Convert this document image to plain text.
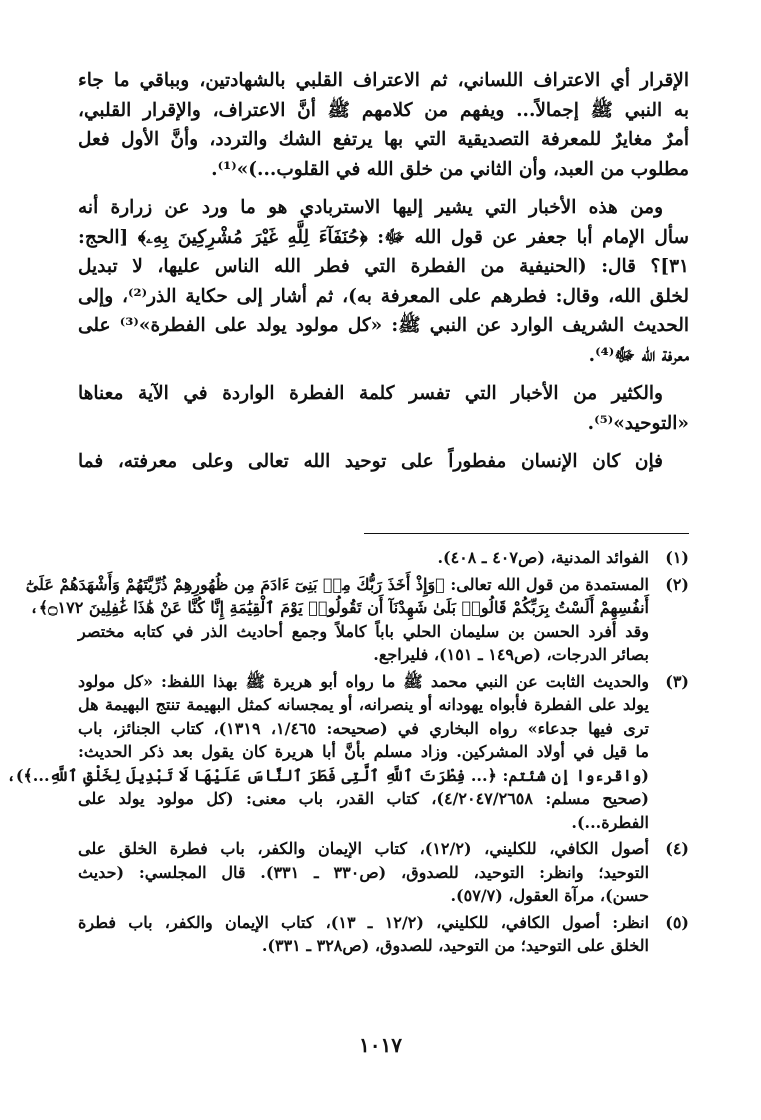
الإقرار أي الاعتراف اللساني، ثم الاعتراف القلبي بالشهادتين، وبباقي ما جاء
به النبي ﷺ إجمالاً... ويفهم من كلامهم ﷺ أنَّ الاعتراف، والإقرار القلبي،
أمرٌ مغايرٌ للمعرفة التصديقية التي بها يرتفع الشك والتردد، وأنَّ الأول فعل
مطلوب من العبد، وأن الثاني من خلق الله في القلوب...)»⁽¹⁾.
ومن هذه الأخبار التي يشير إليها الاستربادي هو ما ورد عن زرارة أنه
سأل الإمام أبا جعفر عن قول الله ﷻ: ﴿حُنَفَآءَ لِلَّهِ غَيْرَ مُشْرِكِينَ بِهِۦ﴾ [الحج:
٣١]؟ قال: (الحنيفية من الفطرة التي فطر الله الناس عليها، لا تبديل
لخلق الله، وقال: فطرهم على المعرفة به)، ثم أشار إلى حكاية الذر⁽²⁾، وإلى
الحديث الشريف الوارد عن النبي ﷺ: «كل مولود يولد على الفطرة»⁽³⁾ على
معرفة الله ﷻ⁽⁴⁾.
والكثير من الأخبار التي تفسر كلمة الفطرة الواردة في الآية معناها
«التوحيد»⁽⁵⁾.
فإن كان الإنسان مفطوراً على توحيد الله تعالى وعلى معرفته، فما
(١)
الفوائد المدنية، (ص٤٠٧ ـ ٤٠٨).
(٢)
المستمدة من قول الله تعالى: ﴿وَإِذْ أَخَذَ رَبُّكَ مِنۢ بَنِىٓ ءَادَمَ مِن ظُهُورِهِمْ ذُرِّيَّتَهُمْ وَأَشْهَدَهُمْ عَلَىٰٓ
أَنفُسِهِمْ أَلَسْتُ بِرَبِّكُمْ قَالُوا۟ بَلَىٰ شَهِدْنَآ أَن تَقُولُوا۟ يَوْمَ ٱلْقِيَٰمَةِ إِنَّا كُنَّا عَنْ هَٰذَا غَٰفِلِينَ ۝١٧٢﴾،
وقد أفرد الحسن بن سليمان الحلي باباً كاملاً وجمع أحاديث الذر في كتابه مختصر
بصائر الدرجات، (ص١٤٩ ـ ١٥١)، فليراجع.
(٣)
والحديث الثابت عن النبي محمد ﷺ ما رواه أبو هريرة ﷺ بهذا اللفظ: «كل مولود
يولد على الفطرة فأبواه يهودانه أو ينصرانه، أو يمجسانه كمثل البهيمة تنتج البهيمة هل
ترى فيها جدعاء» رواه البخاري في (صحيحه: ١/٤٦٥، ١٣١٩)، كتاب الجنائز، باب
ما قيل في أولاد المشركين. وزاد مسلم بأنَّ أبا هريرة كان يقول بعد ذكر الحديث:
(واقرءوا إن شئتم: ﴿... فِطْرَتَ ٱللَّهِ ٱلَّتِى فَطَرَ ٱلنَّاسَ عَلَيْهَا لَا تَبْدِيلَ لِخَلْقِ ٱللَّهِ...﴾)،
(صحيح مسلم: ٤/٢٠٤٧/٢٦٥٨)، كتاب القدر، باب معنى: (كل مولود يولد على
الفطرة...).
(٤)
أصول الكافي، للكليني، (١٢/٢)، كتاب الإيمان والكفر، باب فطرة الخلق على
التوحيد؛ وانظر: التوحيد، للصدوق، (ص٣٣٠ ـ ٣٣١). قال المجلسي: (حديث
حسن)، مرآة العقول، (٥٧/٧).
(٥)
انظر: أصول الكافي، للكليني، (١٢/٢ ـ ١٣)، كتاب الإيمان والكفر، باب فطرة
الخلق على التوحيد؛ من التوحيد، للصدوق، (ص٣٢٨ ـ ٣٣١).
١٠١٧
